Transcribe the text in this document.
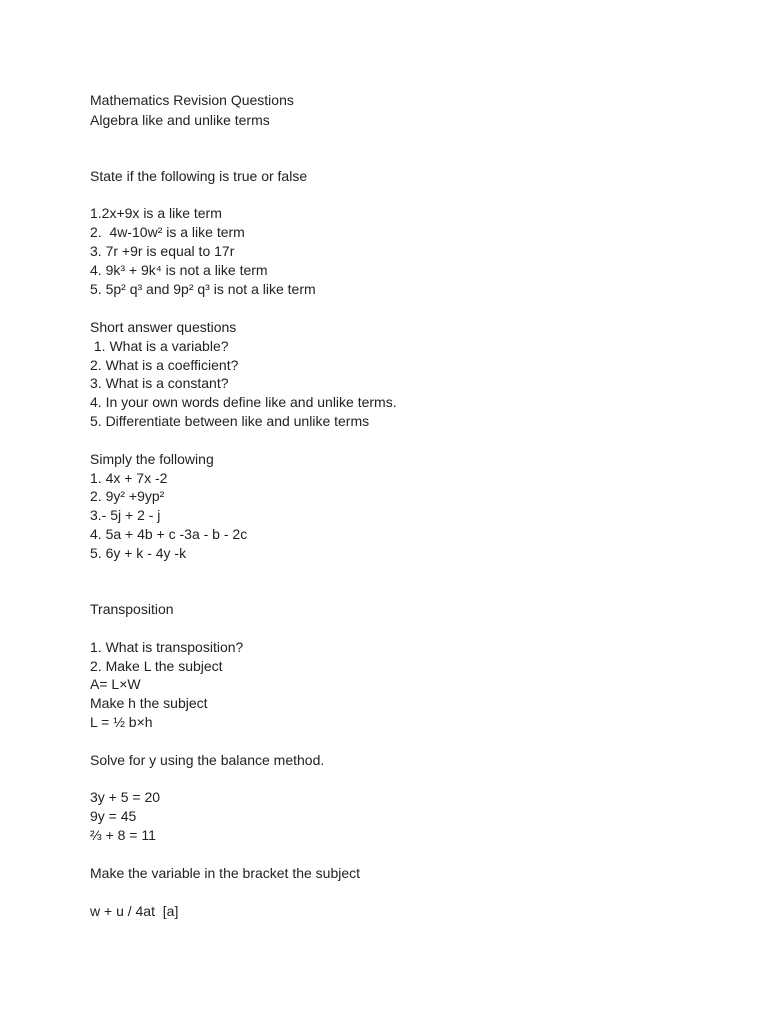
Mathematics Revision Questions

Algebra like and unlike terms

State if the following is true or false

1.2x+9x is a like term

2.  4w-10w² is a like term

3. 7r +9r is equal to 17r

4. 9k³ + 9k⁴ is not a like term

5. 5p² q³ and 9p² q³ is not a like term

Short answer questions

1. What is a variable?

2. What is a coefficient?

3. What is a constant?

4. In your own words define like and unlike terms.

5. Differentiate between like and unlike terms

Simply the following

1. 4x + 7x -2

2. 9y² +9yp²

3.- 5j + 2 - j

4. 5a + 4b + c -3a - b - 2c

5. 6y + k - 4y -k

Transposition

1. What is transposition?

2. Make L the subject

A= L×W

Make h the subject

L = ½ b×h

Solve for y using the balance method.

3y + 5 = 20

9y = 45

⅔ + 8 = 11

Make the variable in the bracket the subject

w + u / 4at  [a]
